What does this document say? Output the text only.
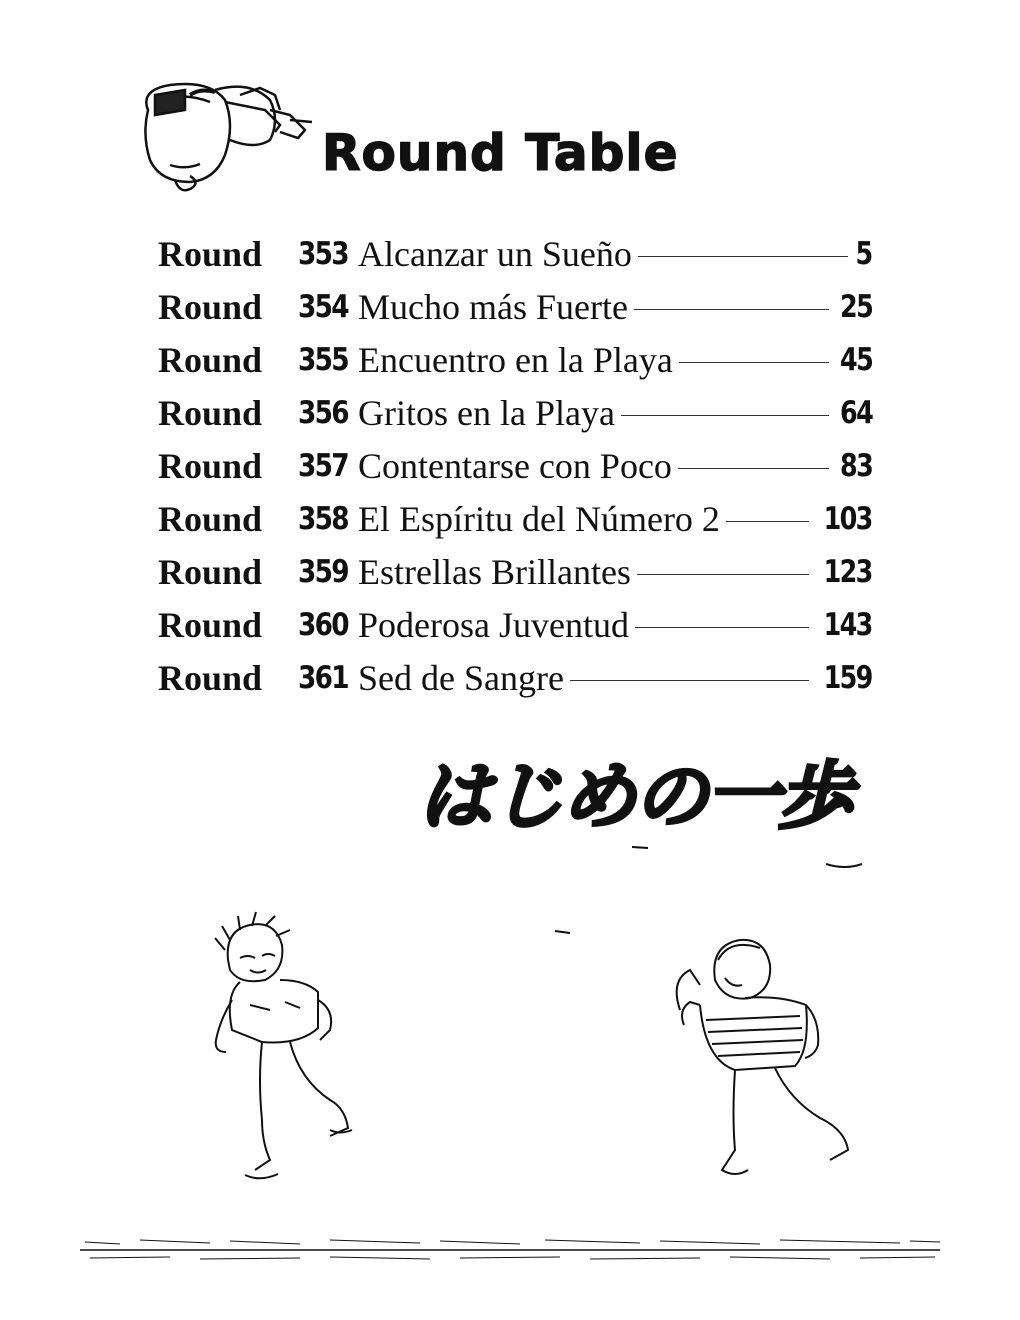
Round Table
Round	353 Alcanzar un Sueño	5
Round	354 Mucho más Fuerte	25
Round	355 Encuentro en la Playa	45
Round	356 Gritos en la Playa	64
Round	357 Contentarse con Poco	83
Round	358 El Espíritu del Número 2	103
Round	359 Estrellas Brillantes	123
Round	360 Poderosa Juventud	143
Round	361 Sed de Sangre	159
はじめの一歩
